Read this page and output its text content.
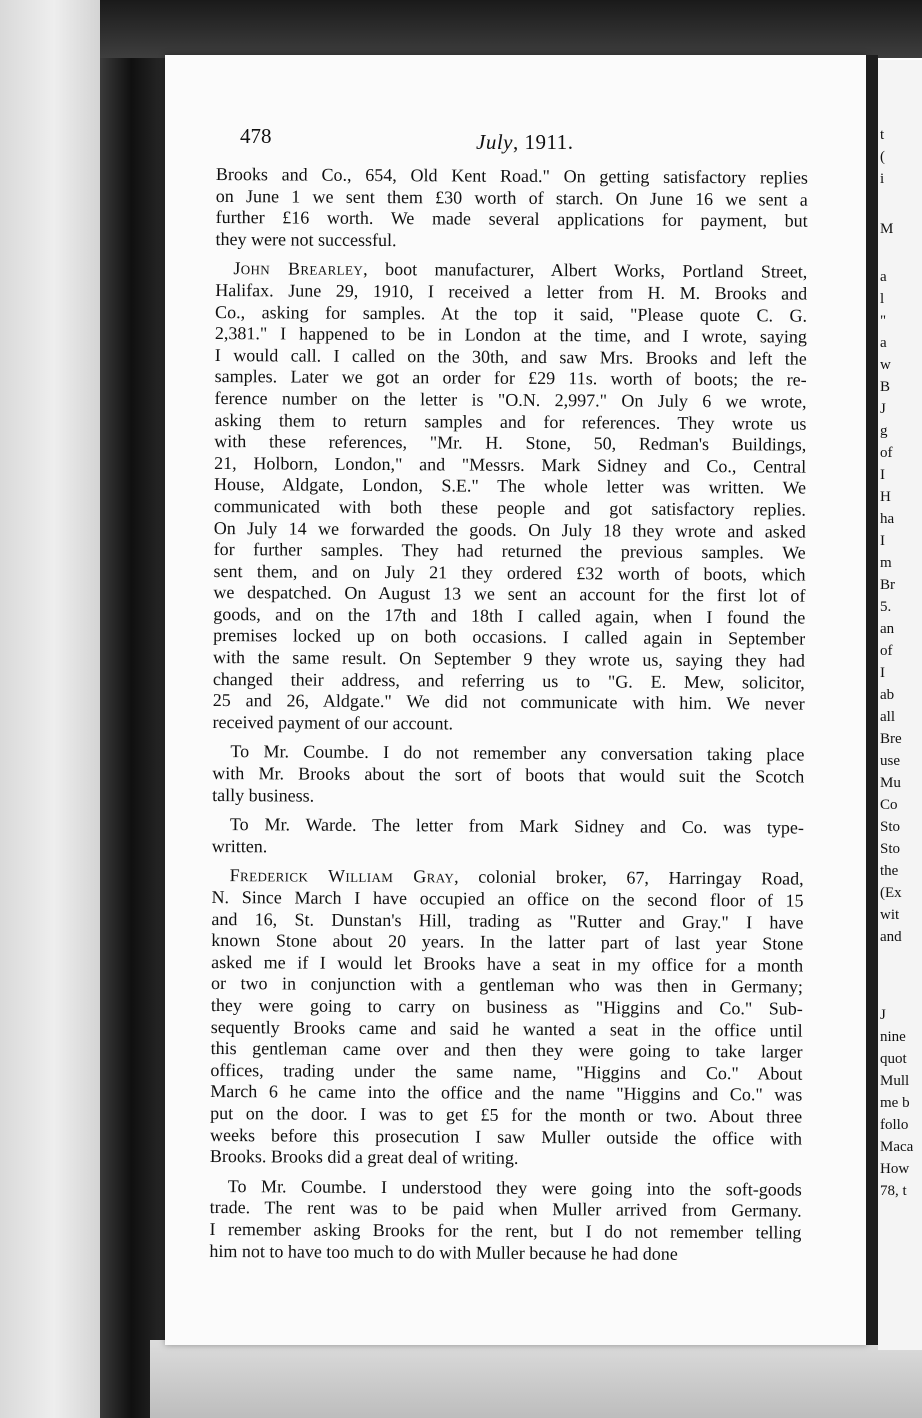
t
(
i
M
a
l
"
a
w
B
J
g
of
I
H
ha
I
m
Br
5.
an
of
I
ab
all
Bre
use
Mu
Co
Sto
Sto
the
(Ex
wit
and
J
nine
quot
Mull
me b
follo
Maca
How
78, t
478	July, 1911.
Brooks and Co., 654, Old Kent Road." On getting satisfactory replies
on June 1 we sent them £30 worth of starch. On June 16 we sent a
further £16 worth. We made several applications for payment, but
they were not successful.
John Brearley, boot manufacturer, Albert Works, Portland Street,
Halifax. June 29, 1910, I received a letter from H. M. Brooks and
Co., asking for samples. At the top it said, "Please quote C. G.
2,381." I happened to be in London at the time, and I wrote, saying
I would call. I called on the 30th, and saw Mrs. Brooks and left the
samples. Later we got an order for £29 11s. worth of boots; the re-
ference number on the letter is "O.N. 2,997." On July 6 we wrote,
asking them to return samples and for references. They wrote us
with these references, "Mr. H. Stone, 50, Redman's Buildings,
21, Holborn, London," and "Messrs. Mark Sidney and Co., Central
House, Aldgate, London, S.E." The whole letter was written. We
communicated with both these people and got satisfactory replies.
On July 14 we forwarded the goods. On July 18 they wrote and asked
for further samples. They had returned the previous samples. We
sent them, and on July 21 they ordered £32 worth of boots, which
we despatched. On August 13 we sent an account for the first lot of
goods, and on the 17th and 18th I called again, when I found the
premises locked up on both occasions. I called again in September
with the same result. On September 9 they wrote us, saying they had
changed their address, and referring us to "G. E. Mew, solicitor,
25 and 26, Aldgate." We did not communicate with him. We never
received payment of our account.
To Mr. Coumbe. I do not remember any conversation taking place
with Mr. Brooks about the sort of boots that would suit the Scotch
tally business.
To Mr. Warde. The letter from Mark Sidney and Co. was type-
written.
Frederick William Gray, colonial broker, 67, Harringay Road,
N. Since March I have occupied an office on the second floor of 15
and 16, St. Dunstan's Hill, trading as "Rutter and Gray." I have
known Stone about 20 years. In the latter part of last year Stone
asked me if I would let Brooks have a seat in my office for a month
or two in conjunction with a gentleman who was then in Germany;
they were going to carry on business as "Higgins and Co." Sub-
sequently Brooks came and said he wanted a seat in the office until
this gentleman came over and then they were going to take larger
offices, trading under the same name, "Higgins and Co." About
March 6 he came into the office and the name "Higgins and Co." was
put on the door. I was to get £5 for the month or two. About three
weeks before this prosecution I saw Muller outside the office with
Brooks. Brooks did a great deal of writing.
To Mr. Coumbe. I understood they were going into the soft-goods
trade. The rent was to be paid when Muller arrived from Germany.
I remember asking Brooks for the rent, but I do not remember telling
him not to have too much to do with Muller because he had done
